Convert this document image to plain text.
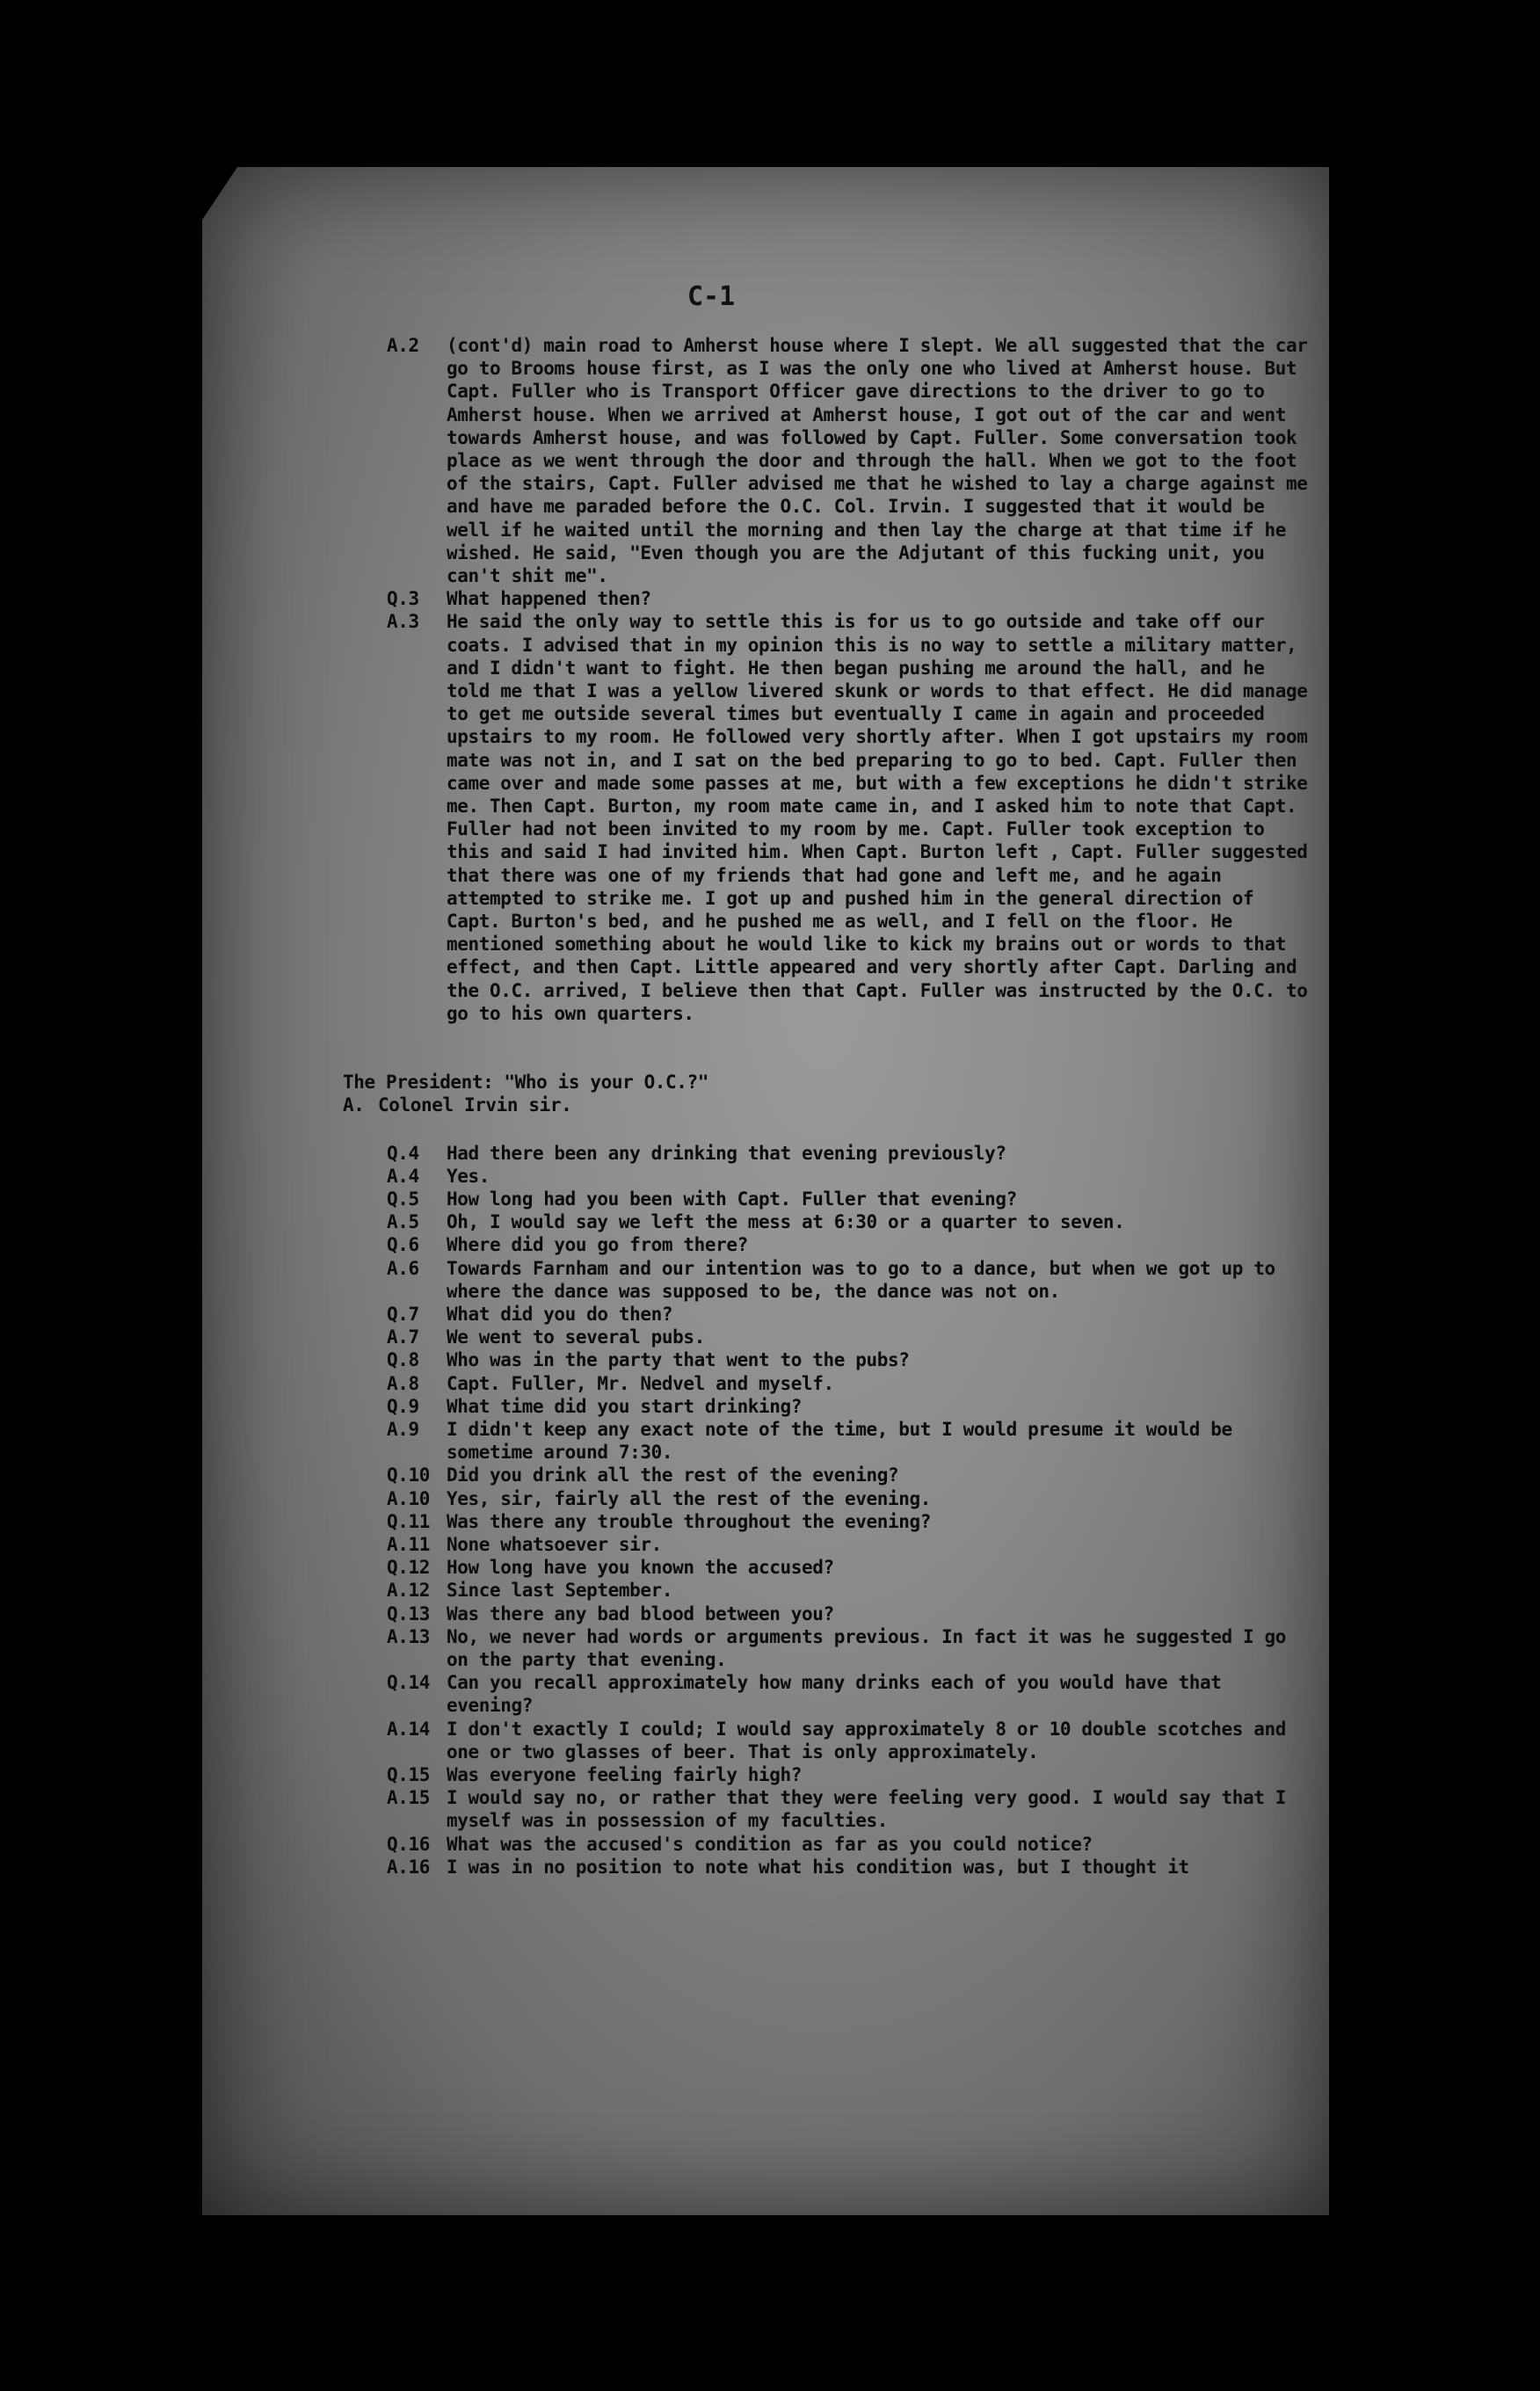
C-1
A.2	(cont'd) main road to Amherst house where I slept. We all suggested that the car go to Brooms house first, as I was the only one who lived at Amherst house. But Capt. Fuller who is Transport Officer gave directions to the driver to go to Amherst house. When we arrived at Amherst house, I got out of the car and went towards Amherst house, and was followed by Capt. Fuller. Some conversation took place as we went through the door and through the hall. When we got to the foot of the stairs, Capt. Fuller advised me that he wished to lay a charge against me and have me paraded before the O.C. Col. Irvin. I suggested that it would be well if he waited until the morning and then lay the charge at that time if he wished. He said, "Even though you are the Adjutant of this fucking unit, you can't shit me".
Q.3	What happened then?
A.3	He said the only way to settle this is for us to go outside and take off our coats. I advised that in my opinion this is no way to settle a military matter, and I didn't want to fight. He then began pushing me around the hall, and he told me that I was a yellow livered skunk or words to that effect. He did manage to get me outside several times but eventually I came in again and proceeded upstairs to my room. He followed very shortly after. When I got upstairs my room mate was not in, and I sat on the bed preparing to go to bed. Capt. Fuller then came over and made some passes at me, but with a few exceptions he didn't strike me. Then Capt. Burton, my room mate came in, and I asked him to note that Capt. Fuller had not been invited to my room by me. Capt. Fuller took exception to this and said I had invited him. When Capt. Burton left , Capt. Fuller suggested that there was one of my friends that had gone and left me, and he again attempted to strike me. I got up and pushed him in the general direction of Capt. Burton's bed, and he pushed me as well, and I fell on the floor. He mentioned something about he would like to kick my brains out or words to that effect, and then Capt. Little appeared and very shortly after Capt. Darling and the O.C. arrived, I believe then that Capt. Fuller was instructed by the O.C. to go to his own quarters.
The President: "Who is your O.C.?"
A. Colonel Irvin sir.
Q.4	Had there been any drinking that evening previously?
A.4	Yes.
Q.5	How long had you been with Capt. Fuller that evening?
A.5	Oh, I would say we left the mess at 6:30 or a quarter to seven.
Q.6	Where did you go from there?
A.6	Towards Farnham and our intention was to go to a dance, but when we got up to where the dance was supposed to be, the dance was not on.
Q.7	What did you do then?
A.7	We went to several pubs.
Q.8	Who was in the party that went to the pubs?
A.8	Capt. Fuller, Mr. Nedvel and myself.
Q.9	What time did you start drinking?
A.9	I didn't keep any exact note of the time, but I would presume it would be sometime around 7:30.
Q.10 Did you drink all the rest of the evening?
A.10 Yes, sir, fairly all the rest of the evening.
Q.11 Was there any trouble throughout the evening?
A.11 None whatsoever sir.
Q.12 How long have you known the accused?
A.12 Since last September.
Q.13 Was there any bad blood between you?
A.13 No, we never had words or arguments previous. In fact it was he suggested I go on the party that evening.
Q.14 Can you recall approximately how many drinks each of you would have that evening?
A.14 I don't exactly I could; I would say approximately 8 or 10 double scotches and one or two glasses of beer. That is only approximately.
Q.15 Was everyone feeling fairly high?
A.15 I would say no, or rather that they were feeling very good. I would say that I myself was in possession of my faculties.
Q.16 What was the accused's condition as far as you could notice?
A.16 I was in no position to note what his condition was, but I thought it
